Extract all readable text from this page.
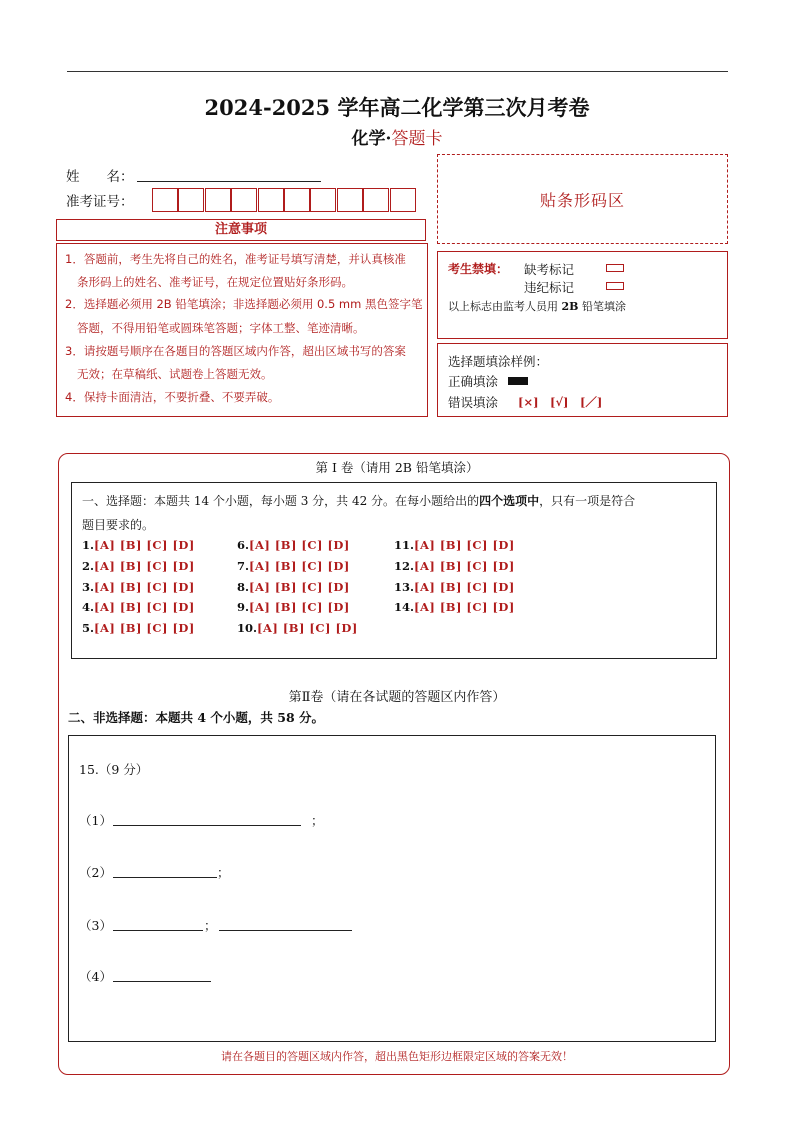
2024-2025 学年高二化学第三次月考卷
化学·答题卡
姓　　名：
准考证号：	贴条形码区
注意事项
1．答题前，考生先将自己的姓名，准考证号填写清楚，并认真核准
条形码上的姓名、准考证号，在规定位置贴好条形码。
2．选择题必须用 2B 铅笔填涂；非选择题必须用 0.5 mm 黑色签字笔
答题，不得用铅笔或圆珠笔答题；字体工整、笔迹清晰。
3．请按题号顺序在各题目的答题区域内作答，超出区域书写的答案
无效；在草稿纸、试题卷上答题无效。
4．保持卡面清洁，不要折叠、不要弄破。
考生禁填： 缺考标记
违纪标记
以上标志由监考人员用 2B 铅笔填涂
选择题填涂样例：
正确填涂
错误填涂 [×]　[√]　[／]
第 I 卷（请用 2B 铅笔填涂）
一、选择题：本题共 14 个小题，每小题 3 分，共 42 分。在每小题给出的四个选项中，只有一项是符合
题目要求的。
1.[A] [B] [C] [D]
2.[A] [B] [C] [D]
3.[A] [B] [C] [D]
4.[A] [B] [C] [D]
5.[A] [B] [C] [D]
6.[A] [B] [C] [D]
7.[A] [B] [C] [D]
8.[A] [B] [C] [D]
9.[A] [B] [C] [D]
10.[A] [B] [C] [D]
11.[A] [B] [C] [D]
12.[A] [B] [C] [D]
13.[A] [B] [C] [D]
14.[A] [B] [C] [D]
第Ⅱ卷（请在各试题的答题区内作答）
二、非选择题：本题共 4 个小题，共 58 分。
15.（9 分）
（1）	；
（2）	；
（3）	；
（4）
请在各题目的答题区域内作答，超出黑色矩形边框限定区域的答案无效！
